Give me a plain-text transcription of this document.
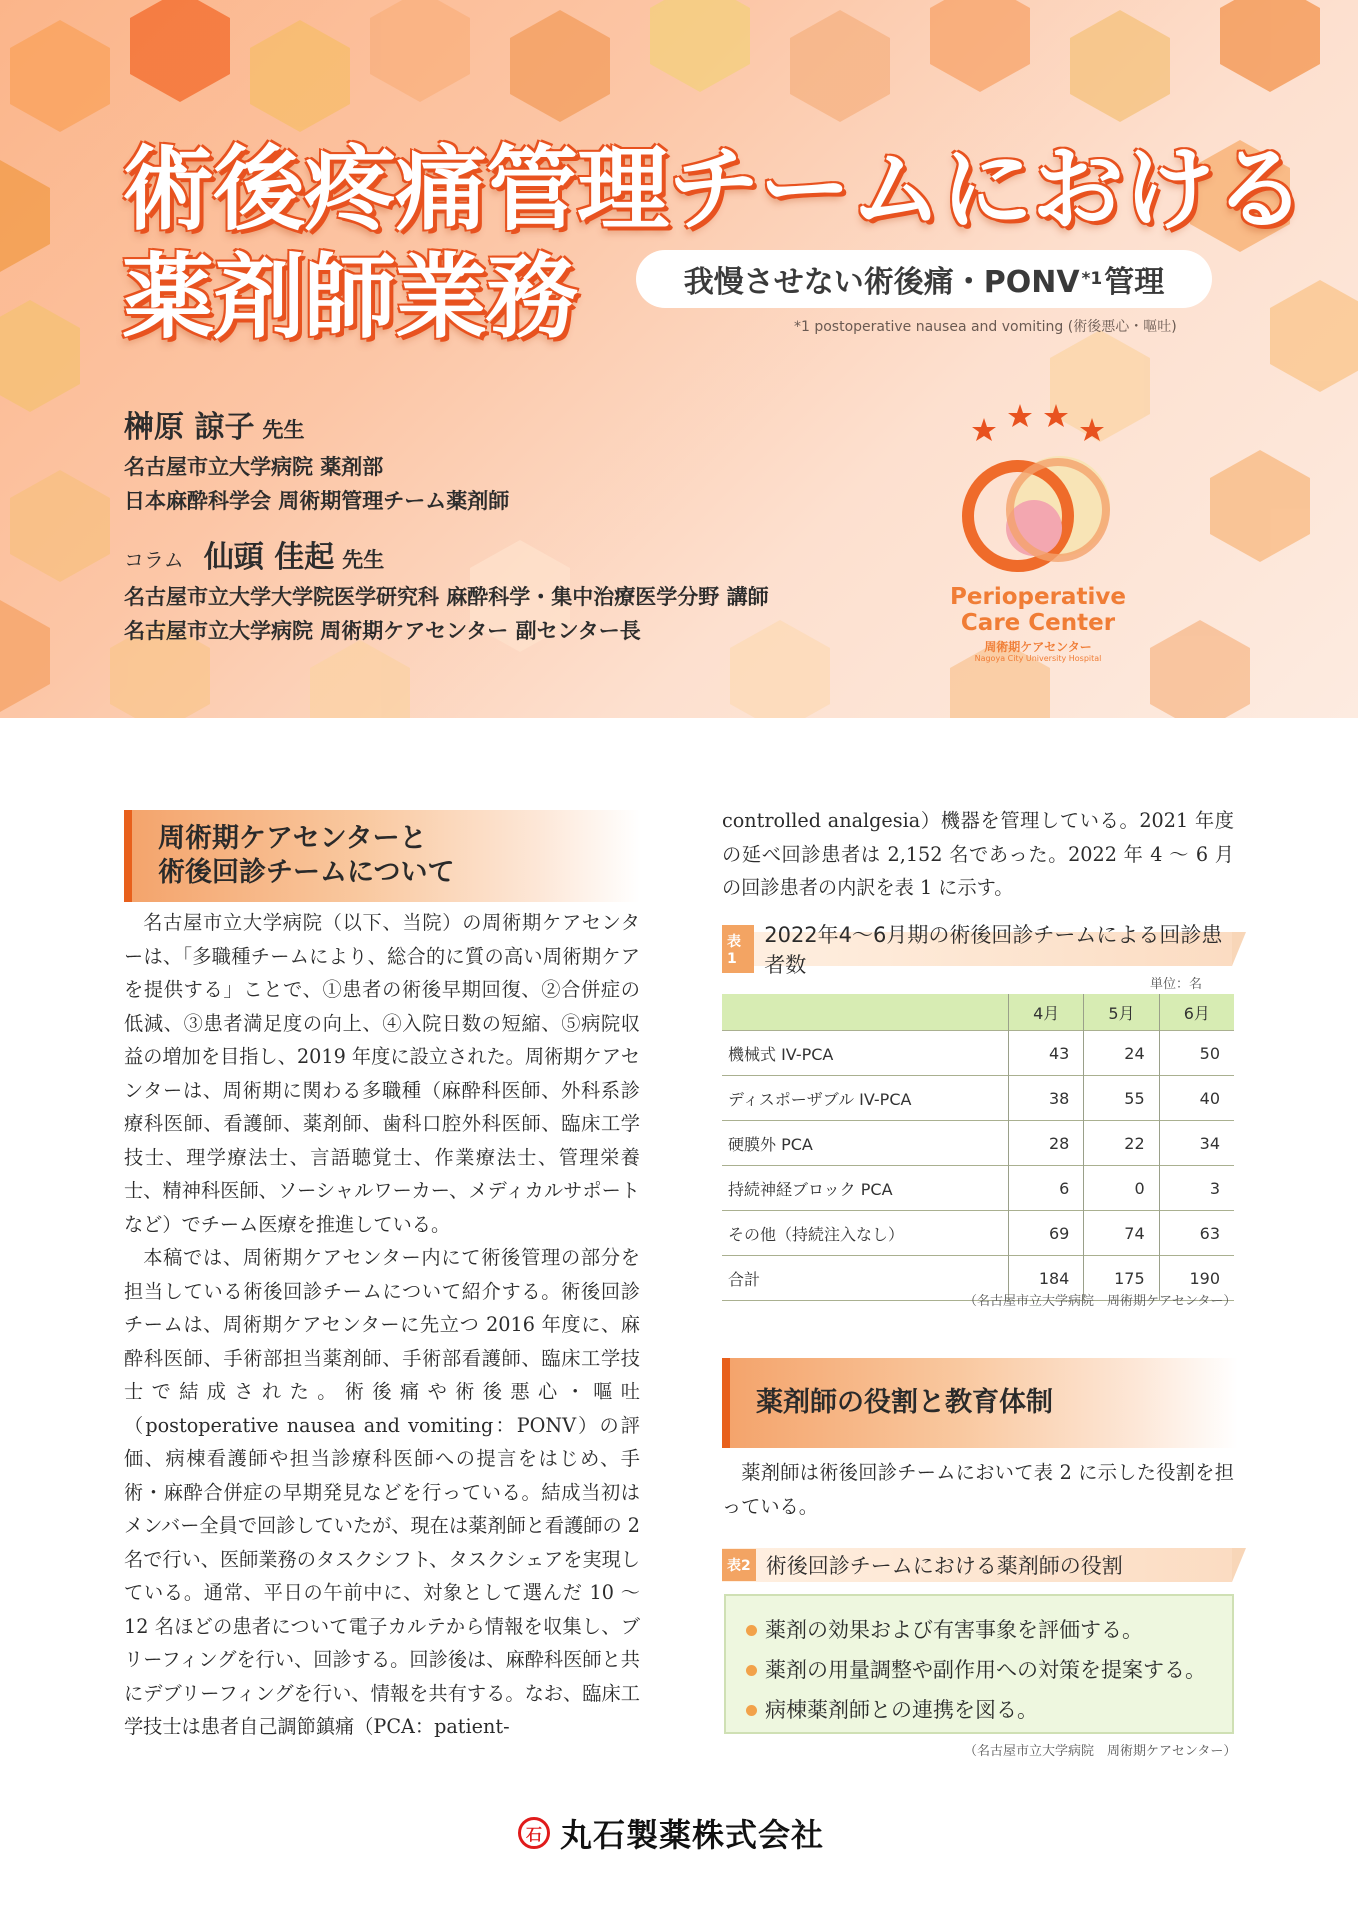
術後疼痛管理チームにおける
薬剤師業務	我慢させない術後痛・PONV *1 管理
*1 postoperative nausea and vomiting (術後悪心・嘔吐)
榊原 諒子 先生
名古屋市立大学病院 薬剤部
日本麻酔科学会 周術期管理チーム薬剤師
コラム 仙頭 佳起 先生
名古屋市立大学大学院医学研究科 麻酔科学・集中治療医学分野 講師
名古屋市立大学病院 周術期ケアセンター 副センター長
Perioperative
Care Center
周術期ケアセンター
Nagoya City University Hospital
周術期ケアセンターと
術後回診チームについて

名古屋市立大学病院（以下、当院）の周術期ケアセンターは、「多職種チームにより、総合的に質の高い周術期ケアを提供する」ことで、①患者の術後早期回復、②合併症の低減、③患者満足度の向上、④入院日数の短縮、⑤病院収益の増加を目指し、2019 年度に設立された。周術期ケアセンターは、周術期に関わる多職種（麻酔科医師、外科系診療科医師、看護師、薬剤師、歯科口腔外科医師、臨床工学技士、理学療法士、言語聴覚士、作業療法士、管理栄養士、精神科医師、ソーシャルワーカー、メディカルサポートなど）でチーム医療を推進している。

本稿では、周術期ケアセンター内にて術後管理の部分を担当している術後回診チームについて紹介する。術後回診チームは、周術期ケアセンターに先立つ 2016 年度に、麻酔科医師、手術部担当薬剤師、手術部看護師、臨床工学技士で結成された。術後痛や術後悪心・嘔吐（postoperative nausea and vomiting：PONV）の評価、病棟看護師や担当診療科医師への提言をはじめ、手術・麻酔合併症の早期発見などを行っている。結成当初はメンバー全員で回診していたが、現在は薬剤師と看護師の 2 名で行い、医師業務のタスクシフト、タスクシェアを実現している。通常、平日の午前中に、対象として選んだ 10 〜 12 名ほどの患者について電子カルテから情報を収集し、ブリーフィングを行い、回診する。回診後は、麻酔科医師と共にデブリーフィングを行い、情報を共有する。なお、臨床工学技士は患者自己調節鎮痛（PCA：patient-

controlled analgesia）機器を管理している。2021 年度の延べ回診患者は 2,152 名であった。2022 年 4 〜 6 月の回診患者の内訳を表 1 に示す。

表1
2022年4～6月期の術後回診チームによる回診患者数
単位：名
	4月	5月	6月
機械式 IV-PCA	43	24	50
ディスポーザブル IV-PCA	38	55	40
硬膜外 PCA	28	22	34
持続神経ブロック PCA	6	0	3
その他（持続注入なし）	69	74	63
合計	184	175	190
（名古屋市立大学病院　周術期ケアセンター）
薬剤師の役割と教育体制

薬剤師は術後回診チームにおいて表 2 に示した役割を担っている。

表2 術後回診チームにおける薬剤師の役割
薬剤の効果および有害事象を評価する。
薬剤の用量調整や副作用への対策を提案する。
病棟薬剤師との連携を図る。
（名古屋市立大学病院　周術期ケアセンター）
石 丸石製薬株式会社
